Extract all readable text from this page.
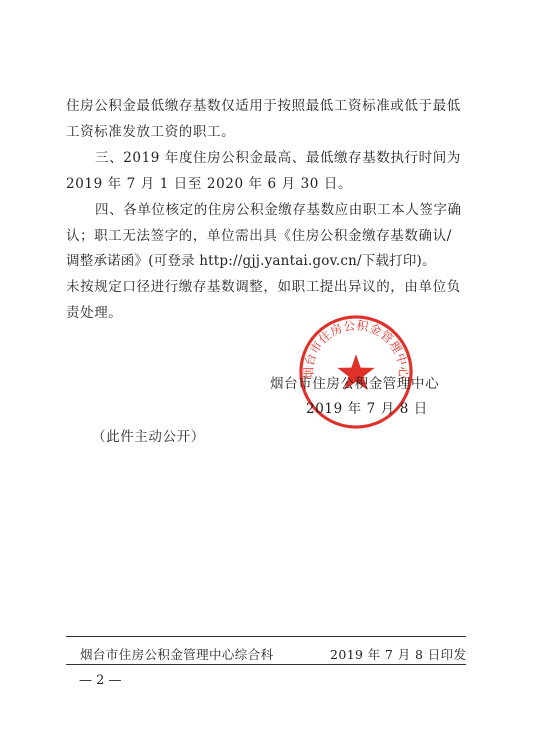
住房公积金最低缴存基数仅适用于按照最低工资标准或低于最低
工资标准发放工资的职工。
三、2019 年度住房公积金最高、最低缴存基数执行时间为
2019 年 7 月 1 日至 2020 年 6 月 30 日。
四、各单位核定的住房公积金缴存基数应由职工本人签字确
认；职工无法签字的，单位需出具《住房公积金缴存基数确认/
调整承诺函》(可登录 http://gjj.yantai.gov.cn/下载打印)。
未按规定口径进行缴存基数调整，如职工提出异议的，由单位负
责处理。
烟台市住房公积金管理中心
烟台市住房公积金管理中心
2019 年 7 月 8 日
（此件主动公开）
烟台市住房公积金管理中心综合科	2019 年 7 月 8 日印发
— 2 —
